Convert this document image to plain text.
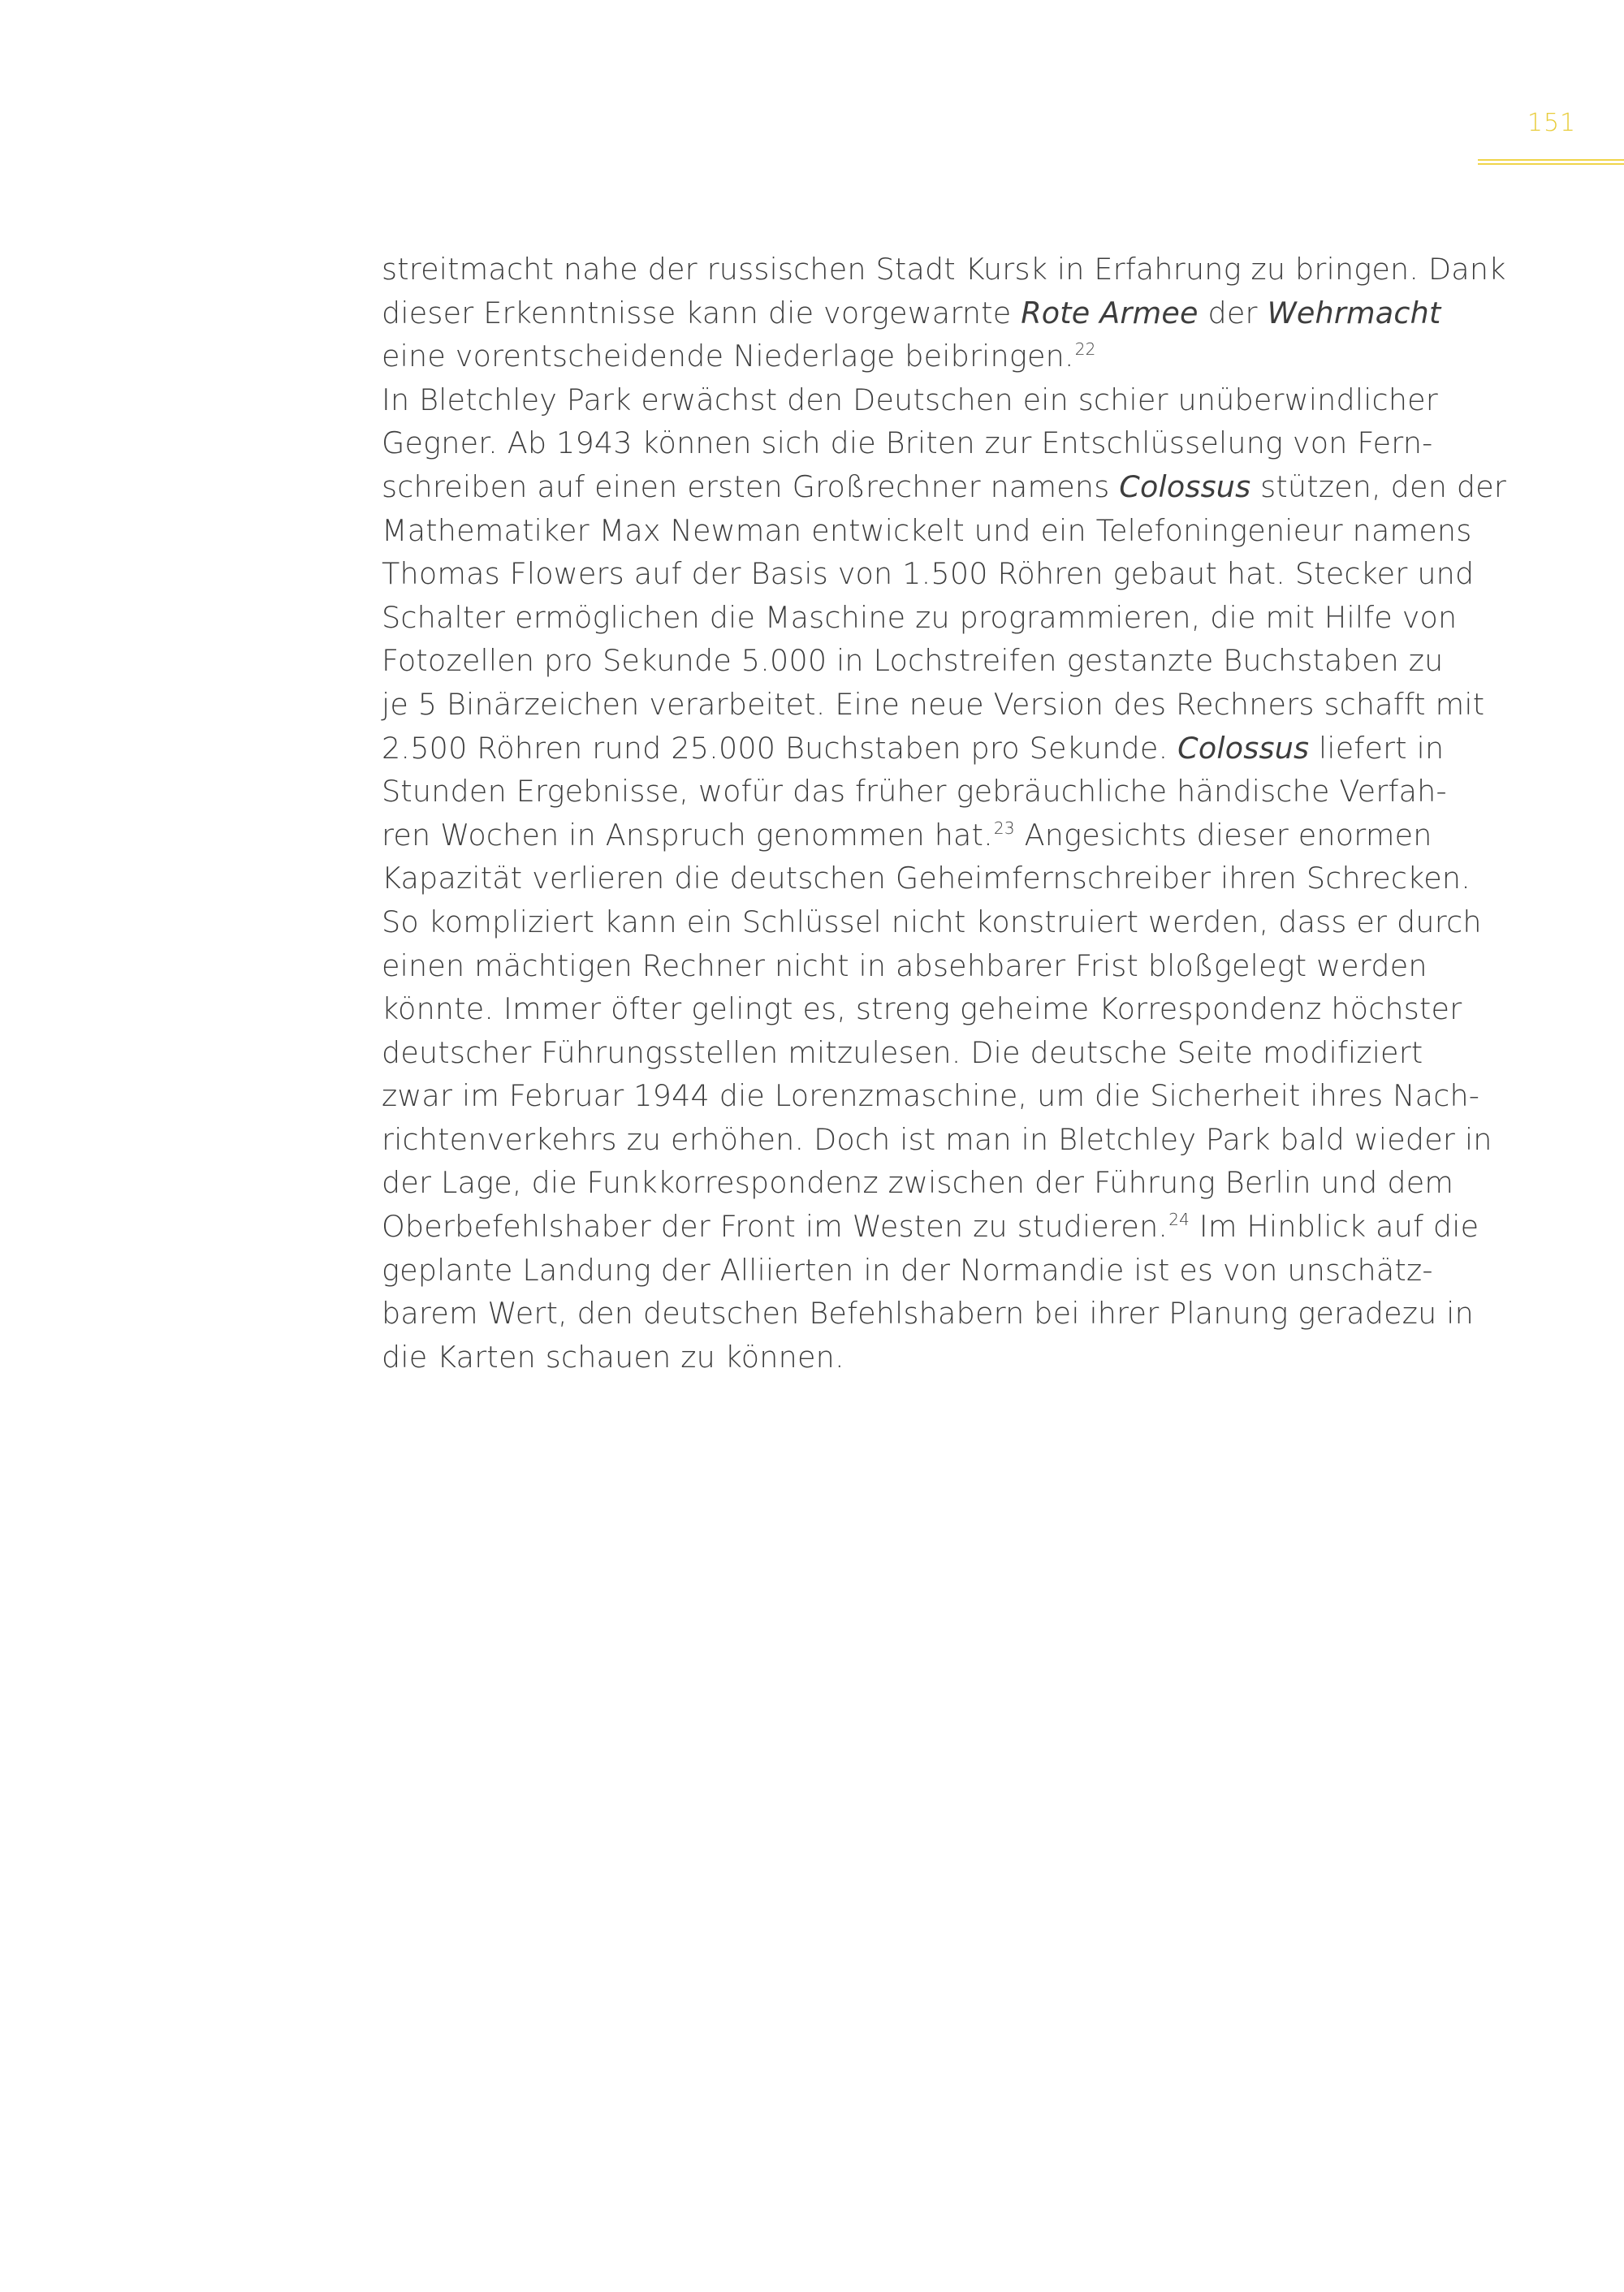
151
streitmacht nahe der russischen Stadt Kursk in Erfahrung zu bringen. Dank
dieser Erkenntnisse kann die vorgewarnte Rote Armee der Wehrmacht
eine vorentscheidende Niederlage beibringen.$^{22}$
In Bletchley Park erwächst den Deutschen ein schier unüberwindlicher
Gegner. Ab 1943 können sich die Briten zur Entschlüsselung von Fern-
schreiben auf einen ersten Großrechner namens Colossus stützen, den der
Mathematiker Max Newman entwickelt und ein Telefoningenieur namens
Thomas Flowers auf der Basis von 1.500 Röhren gebaut hat. Stecker und
Schalter ermöglichen die Maschine zu programmieren, die mit Hilfe von
Fotozellen pro Sekunde 5.000 in Lochstreifen gestanzte Buchstaben zu
je 5 Binärzeichen verarbeitet. Eine neue Version des Rechners schafft mit
2.500 Röhren rund 25.000 Buchstaben pro Sekunde. Colossus liefert in
Stunden Ergebnisse, wofür das früher gebräuchliche händische Verfah-
ren Wochen in Anspruch genommen hat.$^{23}$ Angesichts dieser enormen
Kapazität verlieren die deutschen Geheimfernschreiber ihren Schrecken.
So kompliziert kann ein Schlüssel nicht konstruiert werden, dass er durch
einen mächtigen Rechner nicht in absehbarer Frist bloßgelegt werden
könnte. Immer öfter gelingt es, streng geheime Korrespondenz höchster
deutscher Führungsstellen mitzulesen. Die deutsche Seite modifiziert
zwar im Februar 1944 die Lorenzmaschine, um die Sicherheit ihres Nach-
richtenverkehrs zu erhöhen. Doch ist man in Bletchley Park bald wieder in
der Lage, die Funkkorrespondenz zwischen der Führung Berlin und dem
Oberbefehlshaber der Front im Westen zu studieren.$^{24}$ Im Hinblick auf die
geplante Landung der Alliierten in der Normandie ist es von unschätz-
barem Wert, den deutschen Befehlshabern bei ihrer Planung geradezu in
die Karten schauen zu können.
